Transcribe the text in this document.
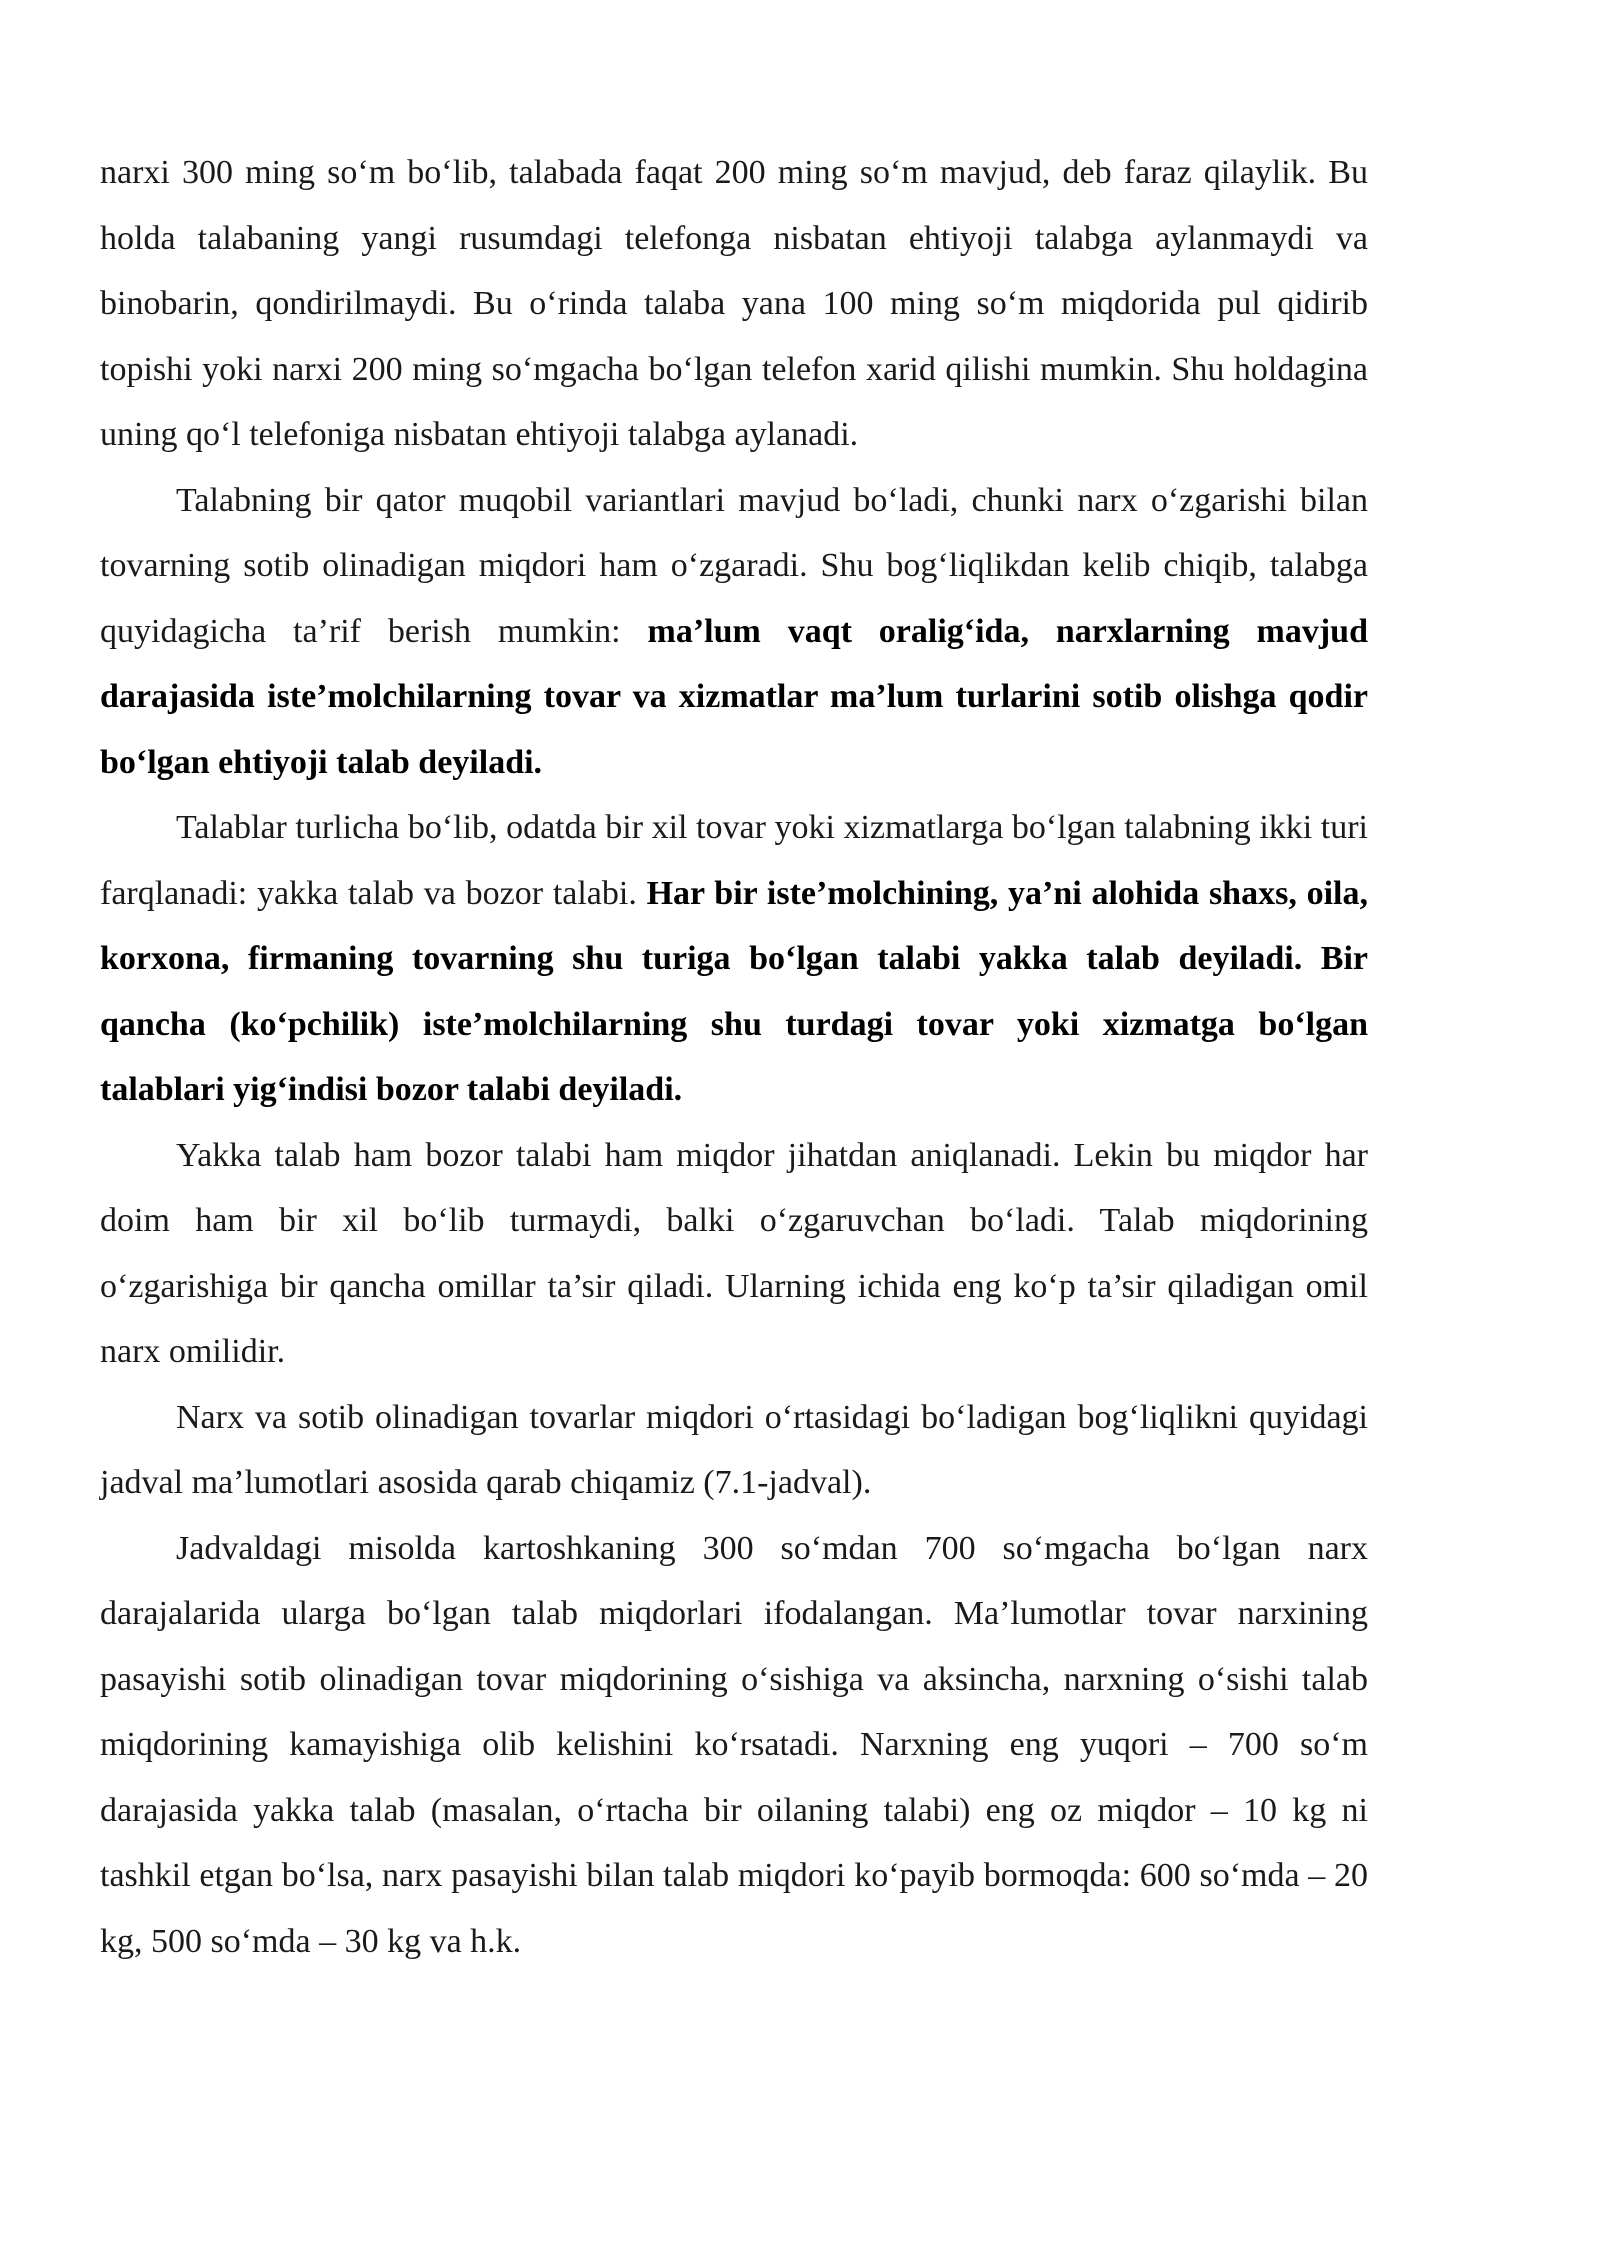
narxi 300 ming so‘m bo‘lib, talabada faqat 200 ming so‘m mavjud, deb faraz qilaylik. Bu holda talabaning yangi rusumdagi telefonga nisbatan ehtiyoji talabga aylanmaydi va binobarin, qondirilmaydi. Bu o‘rinda talaba yana 100 ming so‘m miqdorida pul qidirib topishi yoki narxi 200 ming so‘mgacha bo‘lgan telefon xarid qilishi mumkin. Shu holdagina uning qo‘l telefoniga nisbatan ehtiyoji talabga aylanadi.

Talabning bir qator muqobil variantlari mavjud bo‘ladi, chunki narx o‘zgarishi bilan tovarning sotib olinadigan miqdori ham o‘zgaradi. Shu bog‘liqlikdan kelib chiqib, talabga quyidagicha ta’rif berish mumkin: ma’lum vaqt oralig‘ida, narxlarning mavjud darajasida iste’molchilarning tovar va xizmatlar ma’lum turlarini sotib olishga qodir bo‘lgan ehtiyoji talab deyiladi.

Talablar turlicha bo‘lib, odatda bir xil tovar yoki xizmatlarga bo‘lgan talabning ikki turi farqlanadi: yakka talab va bozor talabi. Har bir iste’molchining, ya’ni alohida shaxs, oila, korxona, firmaning tovarning shu turiga bo‘lgan talabi yakka talab deyiladi. Bir qancha (ko‘pchilik) iste’molchilarning shu turdagi tovar yoki xizmatga bo‘lgan talablari yig‘indisi bozor talabi deyiladi.

Yakka talab ham bozor talabi ham miqdor jihatdan aniqlanadi. Lekin bu miqdor har doim ham bir xil bo‘lib turmaydi, balki o‘zgaruvchan bo‘ladi. Talab miqdorining o‘zgarishiga bir qancha omillar ta’sir qiladi. Ularning ichida eng ko‘p ta’sir qiladigan omil narx omilidir.

Narx va sotib olinadigan tovarlar miqdori o‘rtasidagi bo‘ladigan bog‘liqlikni quyidagi jadval ma’lumotlari asosida qarab chiqamiz (7.1-jadval).

Jadvaldagi misolda kartoshkaning 300 so‘mdan 700 so‘mgacha bo‘lgan narx darajalarida ularga bo‘lgan talab miqdorlari ifodalangan. Ma’lumotlar tovar narxining pasayishi sotib olinadigan tovar miqdorining o‘sishiga va aksincha, narxning o‘sishi talab miqdorining kamayishiga olib kelishini ko‘rsatadi. Narxning eng yuqori – 700 so‘m darajasida yakka talab (masalan, o‘rtacha bir oilaning talabi) eng oz miqdor – 10 kg ni tashkil etgan bo‘lsa, narx pasayishi bilan talab miqdori ko‘payib bormoqda: 600 so‘mda – 20 kg, 500 so‘mda – 30 kg va h.k.
